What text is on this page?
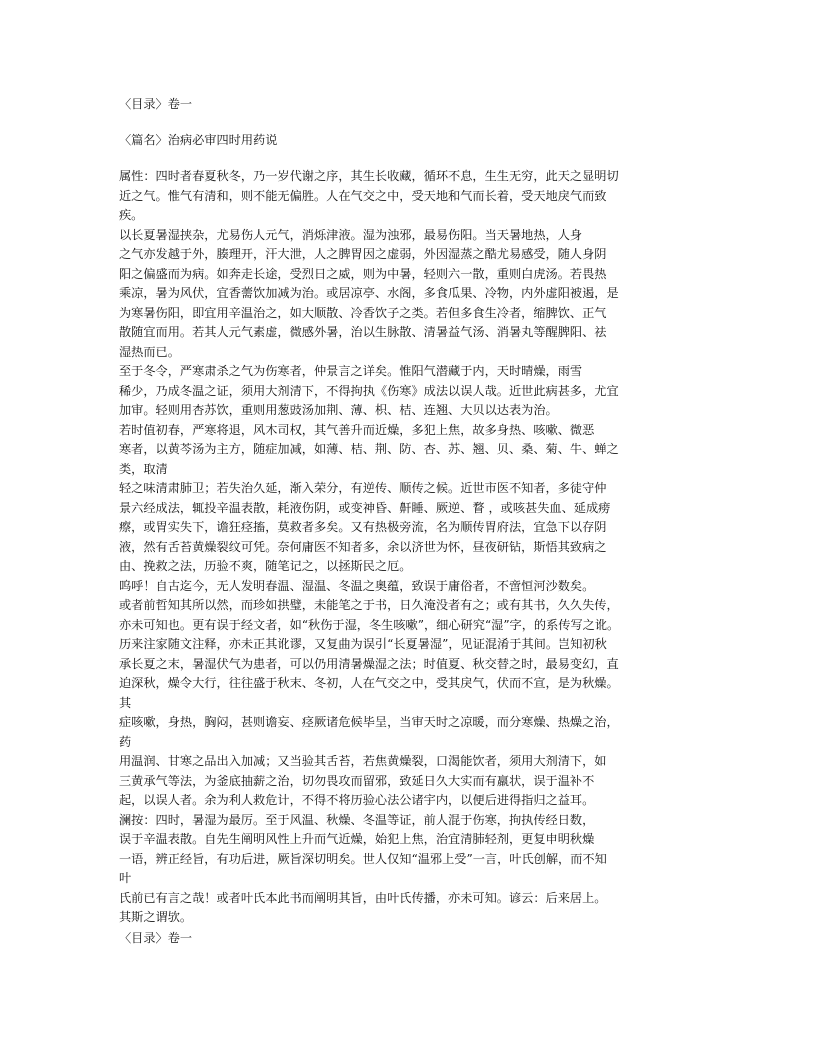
〈目录〉卷一

〈篇名〉治病必审四时用药说

属性：四时者春夏秋冬，乃一岁代谢之序，其生长收藏，循环不息，生生无穷，此天之显明切

近之气。惟气有清和，则不能无偏胜。人在气交之中，受天地和气而长着，受天地戾气而致

疾。

以长夏暑湿挟杂，尤易伤人元气，消烁津液。湿为浊邪，最易伤阳。当天暑地热，人身

之气亦发越于外，腠理开，汗大泄，人之脾胃因之虚弱，外因湿蒸之酷尤易感受，随人身阴

阳之偏盛而为病。如奔走长途，受烈日之威，则为中暑，轻则六一散，重则白虎汤。若畏热

乘凉，暑为风伏，宜香薷饮加减为治。或居凉亭、水阁，多食瓜果、冷物，内外虚阳被遏，是

为寒暑伤阳，即宜用辛温治之，如大顺散、冷香饮子之类。若但多食生冷者，缩脾饮、正气

散随宜而用。若其人元气素虚，微感外暑，治以生脉散、清暑益气汤、消暑丸等醒脾阳、祛

湿热而已。

至于冬令，严寒肃杀之气为伤寒者，仲景言之详矣。惟阳气潜藏于内，天时晴燥，雨雪

稀少，乃成冬温之证，须用大剂清下，不得拘执《伤寒》成法以误人哉。近世此病甚多，尤宜

加审。轻则用杏苏饮，重则用葱豉汤加荆、薄、枳、桔、连翘、大贝以达表为治。

若时值初春，严寒将退，风木司权，其气善升而近燥，多犯上焦，故多身热、咳嗽、微恶

寒者，以黄芩汤为主方，随症加减，如薄、桔、荆、防、杏、苏、翘、贝、桑、菊、牛、蝉之

类，取清

轻之味清肃肺卫；若失治久延，渐入荣分，有逆传、顺传之候。近世市医不知者，多徒守仲

景六经成法，辄投辛温表散，耗液伤阴，或变神昏、鼾睡、厥逆、瞀 ，或咳甚失血、延成痨

瘵，或胃实失下，谵狂痉搐，莫救者多矣。又有热极旁流，名为顺传胃府法，宜急下以存阴

液，然有舌苔黄燥裂纹可凭。奈何庸医不知者多，余以济世为怀，昼夜研钻，斯悟其致病之

由、挽救之法，历验不爽，随笔记之，以拯斯民之厄。

呜呼！自古迄今，无人发明春温、湿温、冬温之奥蕴，致误于庸俗者，不啻恒河沙数矣。

或者前哲知其所以然，而珍如拱璧，未能笔之于书，日久淹没者有之；或有其书，久久失传，

亦未可知也。更有误于经文者，如“秋伤于湿，冬生咳嗽”，细心研究“湿”字，的系传写之讹。

历来注家随文注释，亦未正其讹谬，又复曲为误引“长夏暑湿”，见证混淆于其间。岂知初秋

承长夏之末，暑湿伏气为患者，可以仍用清暑燥湿之法；时值夏、秋交替之时，最易变幻，直

迫深秋，燥令大行，往往盛于秋末、冬初，人在气交之中，受其戾气，伏而不宣，是为秋燥。

其

症咳嗽，身热，胸闷，甚则谵妄、痉厥诸危候毕呈，当审天时之凉暖，而分寒燥、热燥之治，

药

用温润、甘寒之品出入加减；又当验其舌苔，若焦黄燥裂，口渴能饮者，须用大剂清下，如

三黄承气等法，为釜底抽薪之治，切勿畏攻而留邪，致延日久大实而有羸状，误于温补不

起，以误人者。余为利人救危计，不得不将历验心法公诸宇内，以便后进得指归之益耳。

澜按：四时，暑湿为最厉。至于风温、秋燥、冬温等证，前人混于伤寒，拘执传经日数，

误于辛温表散。自先生阐明风性上升而气近燥，始犯上焦，治宜清肺轻剂，更复申明秋燥

一语，辨正经旨，有功后进，厥旨深切明矣。世人仅知“温邪上受”一言，叶氏创解，而不知

叶

氏前已有言之哉！或者叶氏本此书而阐明其旨，由叶氏传播，亦未可知。谚云：后来居上。

其斯之谓欤。

〈目录〉卷一
